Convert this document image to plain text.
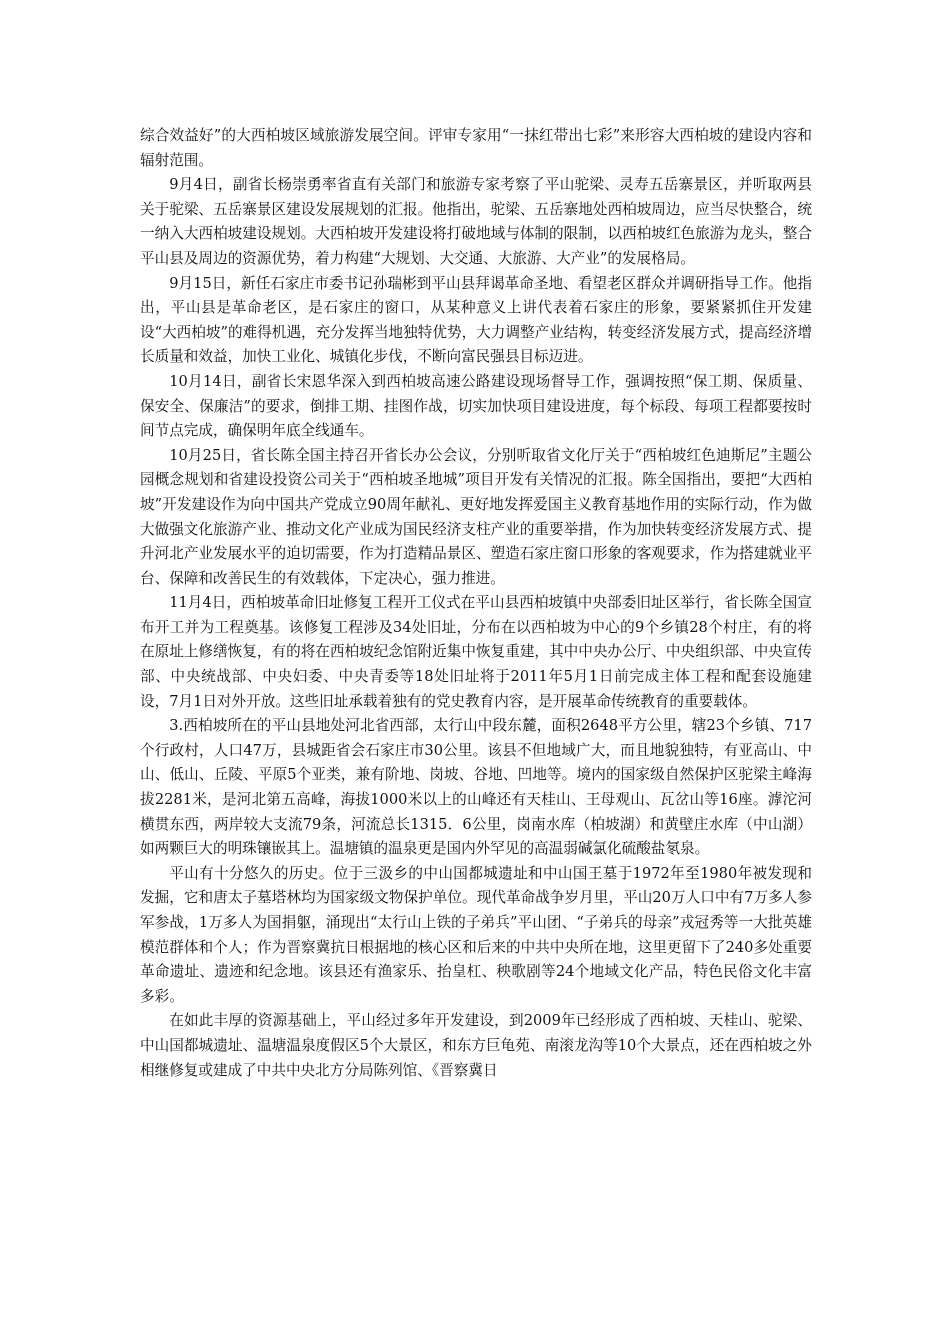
综合效益好”的大西柏坡区域旅游发展空间。评审专家用“一抹红带出七彩”来形容大西柏坡的建设内容和辐射范围。

9月4日，副省长杨崇勇率省直有关部门和旅游专家考察了平山驼梁、灵寿五岳寨景区，并听取两县关于驼梁、五岳寨景区建设发展规划的汇报。他指出，驼梁、五岳寨地处西柏坡周边，应当尽快整合，统一纳入大西柏坡建设规划。大西柏坡开发建设将打破地域与体制的限制，以西柏坡红色旅游为龙头，整合平山县及周边的资源优势，着力构建“大规划、大交通、大旅游、大产业”的发展格局。

9月15日，新任石家庄市委书记孙瑞彬到平山县拜谒革命圣地、看望老区群众并调研指导工作。他指出，平山县是革命老区，是石家庄的窗口，从某种意义上讲代表着石家庄的形象，要紧紧抓住开发建设“大西柏坡”的难得机遇，充分发挥当地独特优势，大力调整产业结构，转变经济发展方式，提高经济增长质量和效益，加快工业化、城镇化步伐，不断向富民强县目标迈进。

10月14日，副省长宋恩华深入到西柏坡高速公路建设现场督导工作，强调按照“保工期、保质量、保安全、保廉洁”的要求，倒排工期、挂图作战，切实加快项目建设进度，每个标段、每项工程都要按时间节点完成，确保明年底全线通车。

10月25日，省长陈全国主持召开省长办公会议，分别听取省文化厅关于“西柏坡红色迪斯尼”主题公园概念规划和省建设投资公司关于“西柏坡圣地城”项目开发有关情况的汇报。陈全国指出，要把“大西柏坡”开发建设作为向中国共产党成立90周年献礼、更好地发挥爱国主义教育基地作用的实际行动，作为做大做强文化旅游产业、推动文化产业成为国民经济支柱产业的重要举措，作为加快转变经济发展方式、提升河北产业发展水平的迫切需要，作为打造精品景区、塑造石家庄窗口形象的客观要求，作为搭建就业平台、保障和改善民生的有效载体，下定决心，强力推进。

11月4日，西柏坡革命旧址修复工程开工仪式在平山县西柏坡镇中央部委旧址区举行，省长陈全国宣布开工并为工程奠基。该修复工程涉及34处旧址，分布在以西柏坡为中心的9个乡镇28个村庄，有的将在原址上修缮恢复，有的将在西柏坡纪念馆附近集中恢复重建，其中中央办公厅、中央组织部、中央宣传部、中央统战部、中央妇委、中央青委等18处旧址将于2011年5月1日前完成主体工程和配套设施建设，7月1日对外开放。这些旧址承载着独有的党史教育内容，是开展革命传统教育的重要载体。

3.西柏坡所在的平山县地处河北省西部，太行山中段东麓，面积2648平方公里，辖23个乡镇、717个行政村，人口47万，县城距省会石家庄市30公里。该县不但地域广大，而且地貌独特，有亚高山、中山、低山、丘陵、平原5个亚类，兼有阶地、岗坡、谷地、凹地等。境内的国家级自然保护区驼梁主峰海拔2281米，是河北第五高峰，海拔1000米以上的山峰还有天桂山、王母观山、瓦岔山等16座。滹沱河横贯东西，两岸较大支流79条，河流总长1315．6公里，岗南水库（柏坡湖）和黄壁庄水库（中山湖）如两颗巨大的明珠镶嵌其上。温塘镇的温泉更是国内外罕见的高温弱碱氯化硫酸盐氡泉。

平山有十分悠久的历史。位于三汲乡的中山国都城遗址和中山国王墓于1972年至1980年被发现和发掘，它和唐太子墓塔林均为国家级文物保护单位。现代革命战争岁月里，平山20万人口中有7万多人参军参战，1万多人为国捐躯，涌现出“太行山上铁的子弟兵”平山团、“子弟兵的母亲”戎冠秀等一大批英雄模范群体和个人；作为晋察冀抗日根据地的核心区和后来的中共中央所在地，这里更留下了240多处重要革命遗址、遗迹和纪念地。该县还有渔家乐、抬皇杠、秧歌剧等24个地域文化产品，特色民俗文化丰富多彩。

在如此丰厚的资源基础上，平山经过多年开发建设，到2009年已经形成了西柏坡、天桂山、驼梁、中山国都城遗址、温塘温泉度假区5个大景区，和东方巨龟苑、南滚龙沟等10个大景点，还在西柏坡之外相继修复或建成了中共中央北方分局陈列馆、《晋察冀日
